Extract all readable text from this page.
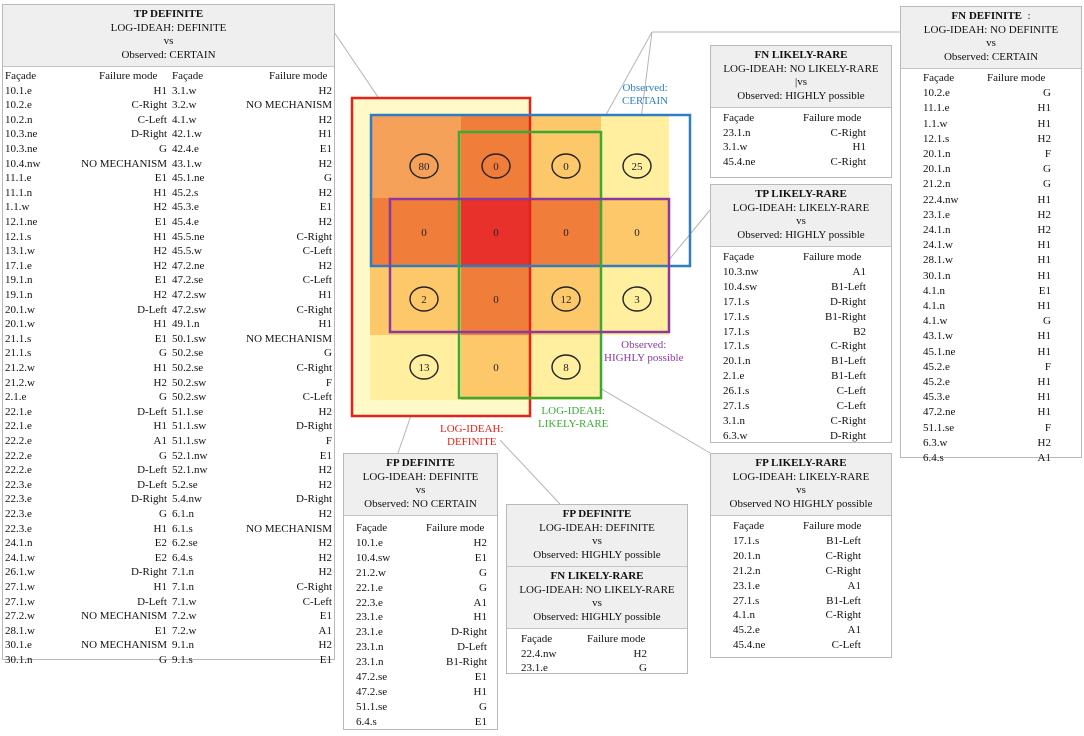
80	0	0	25
0	0	0	0
2	0	12	3
13	0	8
Observed:
CERTAIN
Observed:
HIGHLY possible
LOG-IDEAH:
DEFINITE
LOG-IDEAH:
LIKELY-RARE
TP DEFINITE
LOG-IDEAH: DEFINITE
vs
Observed: CERTAIN
Façade	Failure mode Façade	Failure mode
10.1.e	H1 3.1.w	H2
10.2.e	C-Right 3.2.w	NO MECHANISM
10.2.n	C-Left 4.1.w	H2
10.3.ne	D-Right 42.1.w	H1
10.3.ne	G 42.4.e	E1
10.4.nw	NO MECHANISM 43.1.w	H2
11.1.e	E1 45.1.ne	G
11.1.n	H1 45.2.s	H2
1.1.w	H2 45.3.e	E1
12.1.ne	E1 45.4.e	H2
12.1.s	H1 45.5.ne	C-Right
13.1.w	H2 45.5.w	C-Left
17.1.e	H2 47.2.ne	H2
19.1.n	E1 47.2.se	C-Left
19.1.n	H2 47.2.sw	H1
20.1.w	D-Left 47.2.sw	C-Right
20.1.w	H1 49.1.n	H1
21.1.s	E1 50.1.sw	NO MECHANISM
21.1.s	G 50.2.se	G
21.2.w	H1 50.2.se	C-Right
21.2.w	H2 50.2.sw	F
2.1.e	G 50.2.sw	C-Left
22.1.e	D-Left 51.1.se	H2
22.1.e	H1 51.1.sw	D-Right
22.2.e	A1 51.1.sw	F
22.2.e	G 52.1.nw	E1
22.2.e	D-Left 52.1.nw	H2
22.3.e	D-Left 5.2.se	H2
22.3.e	D-Right 5.4.nw	D-Right
22.3.e	G 6.1.n	H2
22.3.e	H1 6.1.s	NO MECHANISM
24.1.n	E2 6.2.se	H2
24.1.w	E2 6.4.s	H2
26.1.w	D-Right 7.1.n	H2
27.1.w	H1 7.1.n	C-Right
27.1.w	D-Left 7.1.w	C-Left
27.2.w	NO MECHANISM 7.2.w	E1
28.1.w	E1 7.2.w	A1
30.1.e	NO MECHANISM 9.1.n	H2
30.1.n	G 9.1.s	E1
FP DEFINITE
LOG-IDEAH: DEFINITE
vs
Observed: NO CERTAIN
Façade	Failure mode
10.1.e	H2
10.4.sw	E1
21.2.w	G
22.1.e	G
22.3.e	A1
23.1.e	H1
23.1.e	D-Right
23.1.n	D-Left
23.1.n	B1-Right
47.2.se	E1
47.2.se	H1
51.1.se	G
6.4.s	E1
FP DEFINITE
LOG-IDEAH: DEFINITE
vs
Observed: HIGHLY possible
FN LIKELY-RARE
LOG-IDEAH: NO LIKELY-RARE
vs
Observed: HIGHLY possible
Façade	Failure mode
22.4.nw	H2
23.1.e	G
FP LIKELY-RARE
LOG-IDEAH: LIKELY-RARE
vs
Observed NO HIGHLY possible
Façade	Failure mode
17.1.s	B1-Left
20.1.n	C-Right
21.2.n	C-Right
23.1.e	A1
27.1.s	B1-Left
4.1.n	C-Right
45.2.e	A1
45.4.ne	C-Left
TP LIKELY-RARE
LOG-IDEAH: LIKELY-RARE
vs
Observed: HIGHLY possible
Façade	Failure mode
10.3.nw	A1
10.4.sw	B1-Left
17.1.s	D-Right
17.1.s	B1-Right
17.1.s	B2
17.1.s	C-Right
20.1.n	B1-Left
2.1.e	B1-Left
26.1.s	C-Left
27.1.s	C-Left
3.1.n	C-Right
6.3.w	D-Right
FN LIKELY-RARE
LOG-IDEAH: NO LIKELY-RARE
|vs
Observed: HIGHLY possible
Façade	Failure mode
23.1.n	C-Right
3.1.w	H1
45.4.ne	C-Right
FN DEFINITE :
LOG-IDEAH: NO DEFINITE
vs
Observed: CERTAIN
Façade	Failure mode
10.2.e	G
11.1.e	H1
1.1.w	H1
12.1.s	H2
20.1.n	F
20.1.n	G
21.2.n	G
22.4.nw	H1
23.1.e	H2
24.1.n	H2
24.1.w	H1
28.1.w	H1
30.1.n	H1
4.1.n	E1
4.1.n	H1
4.1.w	G
43.1.w	H1
45.1.ne	H1
45.2.e	F
45.2.e	H1
45.3.e	H1
47.2.ne	H1
51.1.se	F
6.3.w	H2
6.4.s	A1
